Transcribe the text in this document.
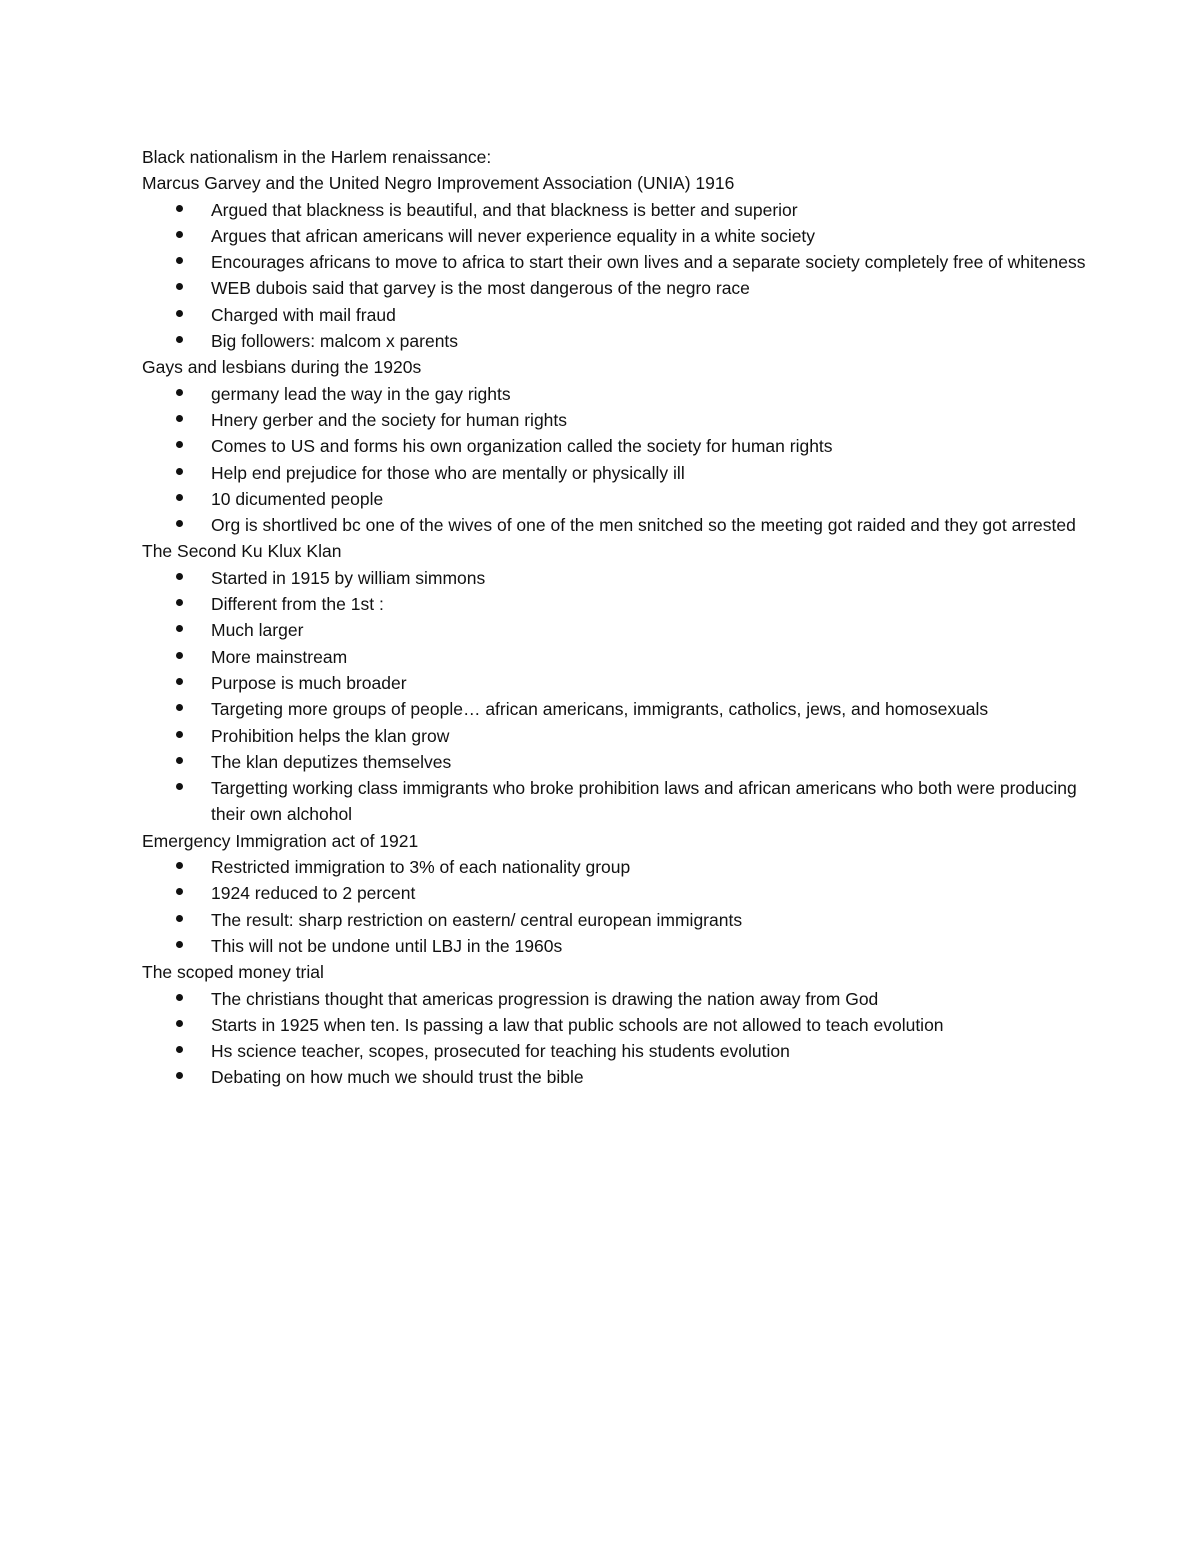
Black nationalism in the Harlem renaissance:

Marcus Garvey and the United Negro Improvement Association (UNIA) 1916

Argued that blackness is beautiful, and that blackness is better and superior
Argues that african americans will never experience equality in a white society
Encourages africans to move to africa to start their own lives and a separate society completely free of whiteness
WEB dubois said that garvey is the most dangerous of the negro race
Charged with mail fraud
Big followers: malcom x parents

Gays and lesbians during the 1920s

germany lead the way in the gay rights
Hnery gerber and the society for human rights
Comes to US and forms his own organization called the society for human rights
Help end prejudice for those who are mentally or physically ill
10 dicumented people
Org is shortlived bc one of the wives of one of the men snitched so the meeting got raided and they got arrested

The Second Ku Klux Klan

Started in 1915 by william simmons
Different from the 1st :
Much larger
More mainstream
Purpose is much broader
Targeting more groups of people… african americans, immigrants, catholics, jews, and homosexuals
Prohibition helps the klan grow
The klan deputizes themselves
Targetting working class immigrants who broke prohibition laws and african americans who both were producing their own alchohol

Emergency Immigration act of 1921

Restricted immigration to 3% of each nationality group
1924 reduced to 2 percent
The result: sharp restriction on eastern/ central european immigrants
This will not be undone until LBJ in the 1960s

The scoped money trial

The christians thought that americas progression is drawing the nation away from God
Starts in 1925 when ten. Is passing a law that public schools are not allowed to teach evolution
Hs science teacher, scopes, prosecuted for teaching his students evolution
Debating on how much we should trust the bible
